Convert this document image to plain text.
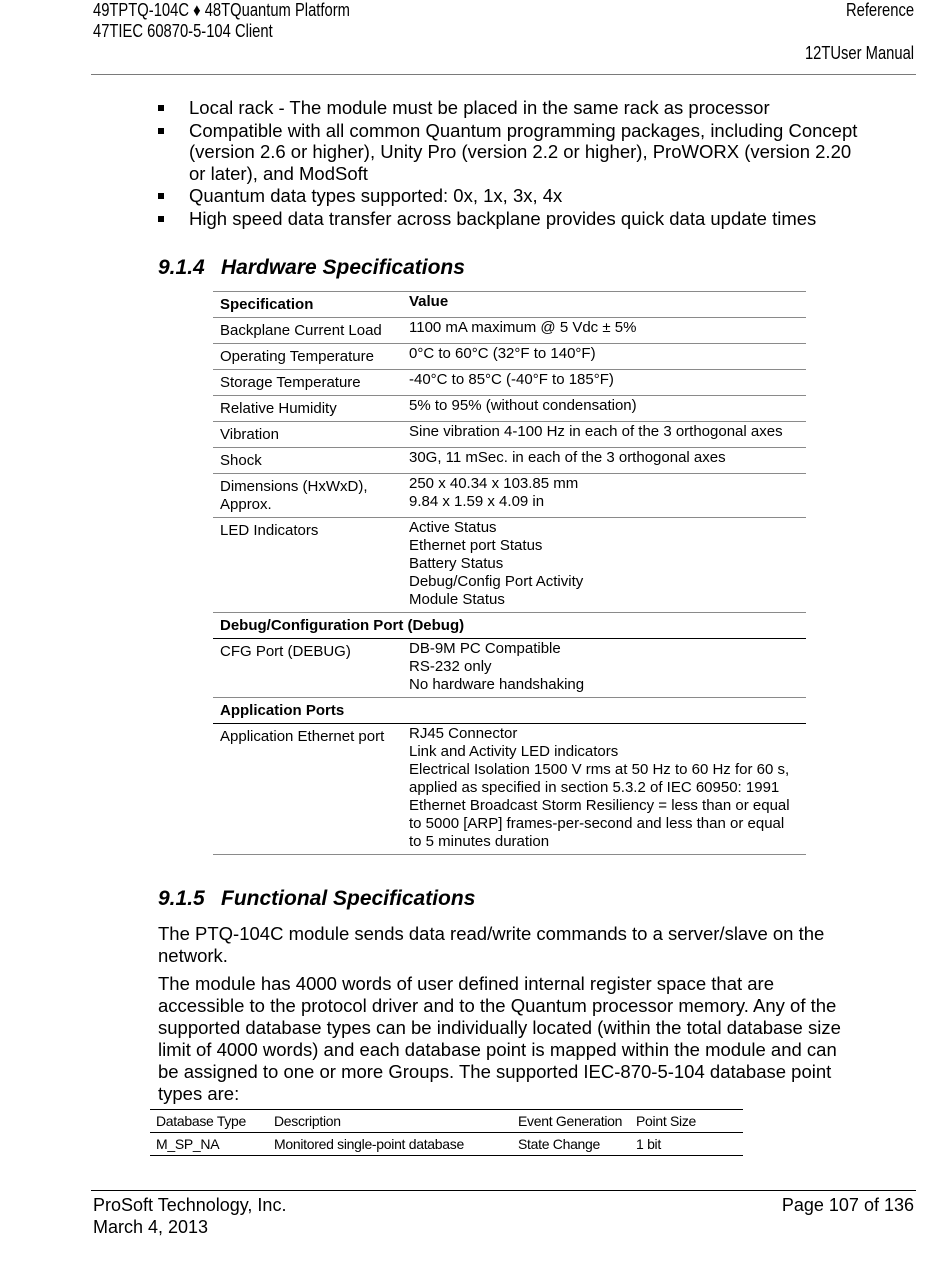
49TPTQ-104C ♦ 48TQuantum Platform
47TIEC 60870-5-104 Client
Reference
12TUser Manual
Local rack - The module must be placed in the same rack as processor
Compatible with all common Quantum programming packages, including Concept (version 2.6 or higher), Unity Pro (version 2.2 or higher), ProWORX (version 2.20 or later), and ModSoft
Quantum data types supported: 0x, 1x, 3x, 4x
High speed data transfer across backplane provides quick data update times
9.1.4 Hardware Specifications
Specification	Value
Backplane Current Load	1100 mA maximum @ 5 Vdc ± 5%

Operating Temperature	0°C to 60°C (32°F to 140°F)

Storage Temperature	-40°C to 85°C (-40°F to 185°F)

Relative Humidity	5% to 95% (without condensation)

Vibration	Sine vibration 4-100 Hz in each of the 3 orthogonal axes

Shock	30G, 11 mSec. in each of the 3 orthogonal axes

Dimensions (HxWxD), Approx.	250 x 40.34 x 103.85 mm
9.84 x 1.59 x 4.09 in

LED Indicators	Active Status
Ethernet port Status
Battery Status
Debug/Config Port Activity
Module Status

Debug/Configuration Port (Debug)	
CFG Port (DEBUG)	DB-9M PC Compatible
RS-232 only
No hardware handshaking

Application Ports	
Application Ethernet port	RJ45 Connector
Link and Activity LED indicators
Electrical Isolation 1500 V rms at 50 Hz to 60 Hz for 60 s, applied as specified in section 5.3.2 of IEC 60950: 1991
Ethernet Broadcast Storm Resiliency = less than or equal to 5000 [ARP] frames-per-second and less than or equal to 5 minutes duration
9.1.5 Functional Specifications
The PTQ-104C module sends data read/write commands to a server/slave on the network.
The module has 4000 words of user defined internal register space that are accessible to the protocol driver and to the Quantum processor memory. Any of the supported database types can be individually located (within the total database size limit of 4000 words) and each database point is mapped within the module and can be assigned to one or more Groups. The supported IEC-870-5-104 database point types are:
Database Type	Description	Event Generation	Point Size
M_SP_NA	Monitored single-point database	State Change	1 bit
ProSoft Technology, Inc.
March 4, 2013
Page 107 of 136
